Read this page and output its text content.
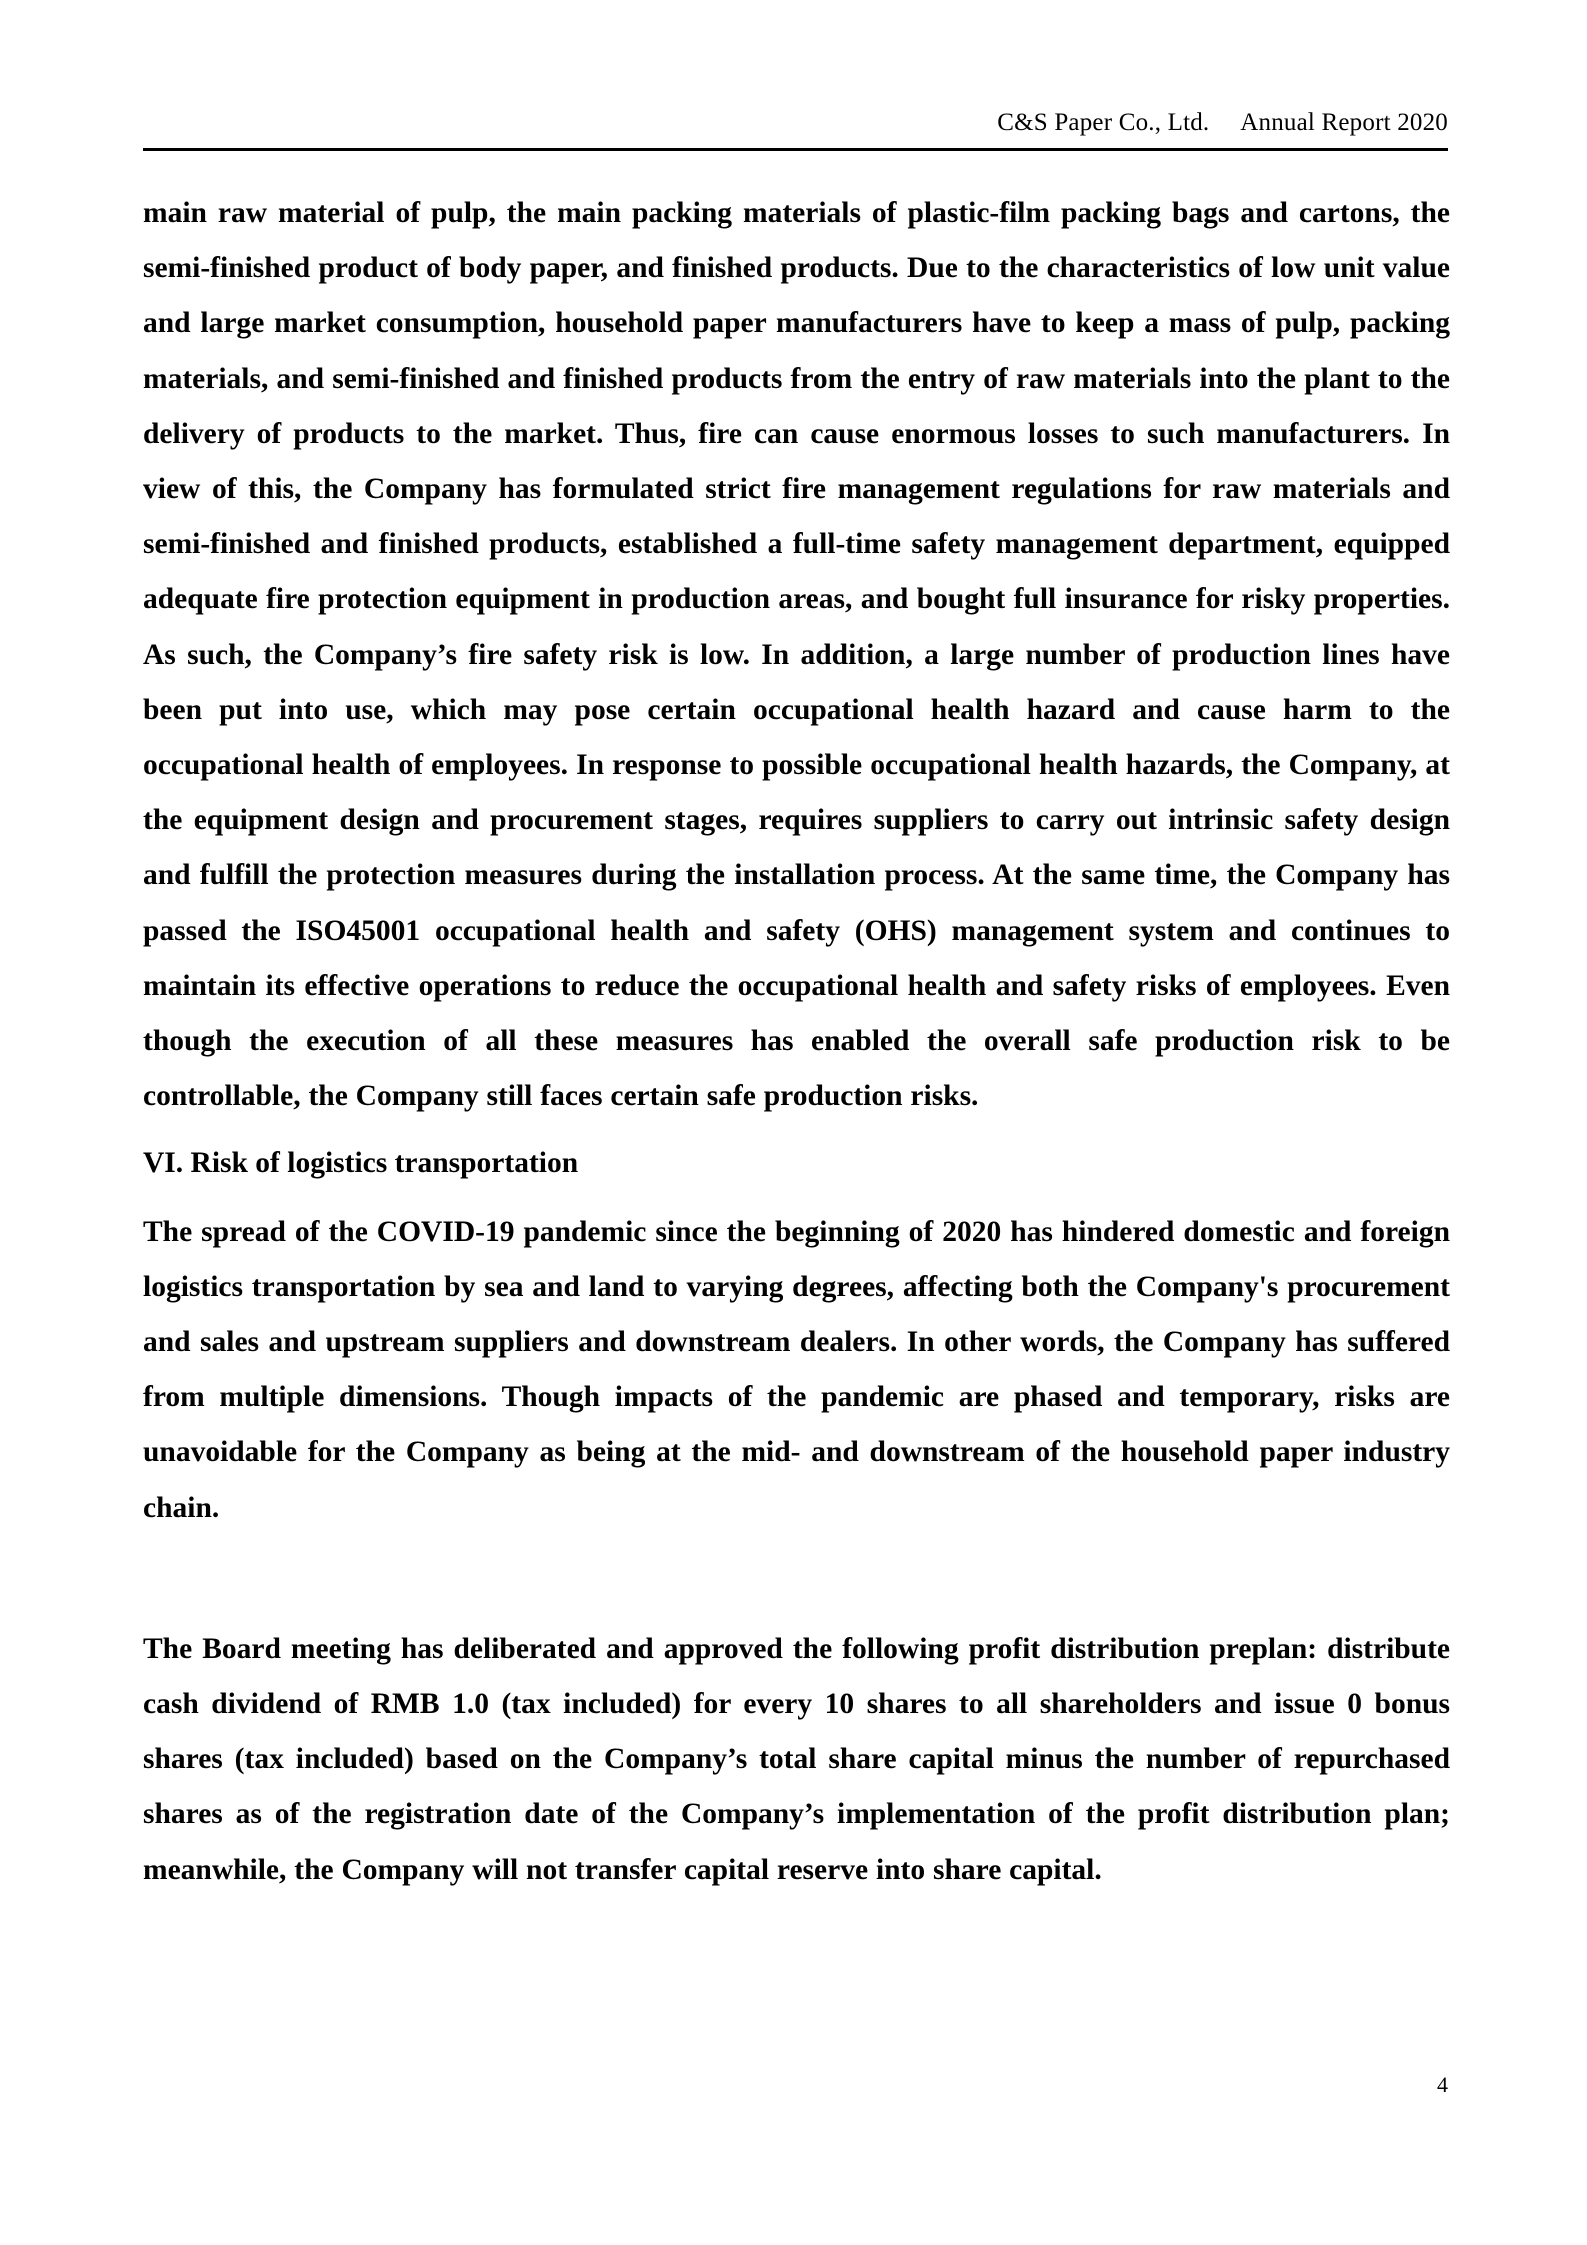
C&S Paper Co., Ltd.     Annual Report 2020

main raw material of pulp, the main packing materials of plastic-film packing bags and cartons, the semi-finished product of body paper, and finished products. Due to the characteristics of low unit value and large market consumption, household paper manufacturers have to keep a mass of pulp, packing materials, and semi-finished and finished products from the entry of raw materials into the plant to the delivery of products to the market. Thus, fire can cause enormous losses to such manufacturers. In view of this, the Company has formulated strict fire management regulations for raw materials and semi-finished and finished products, established a full-time safety management department, equipped adequate fire protection equipment in production areas, and bought full insurance for risky properties. As such, the Company’s fire safety risk is low. In addition, a large number of production lines have been put into use, which may pose certain occupational health hazard and cause harm to the occupational health of employees. In response to possible occupational health hazards, the Company, at the equipment design and procurement stages, requires suppliers to carry out intrinsic safety design and fulfill the protection measures during the installation process. At the same time, the Company has passed the ISO45001 occupational health and safety (OHS) management system and continues to maintain its effective operations to reduce the occupational health and safety risks of employees. Even though the execution of all these measures has enabled the overall safe production risk to be controllable, the Company still faces certain safe production risks.

VI. Risk of logistics transportation

The spread of the COVID-19 pandemic since the beginning of 2020 has hindered domestic and foreign logistics transportation by sea and land to varying degrees, affecting both the Company's procurement and sales and upstream suppliers and downstream dealers. In other words, the Company has suffered from multiple dimensions. Though impacts of the pandemic are phased and temporary, risks are unavoidable for the Company as being at the mid- and downstream of the household paper industry chain.

The Board meeting has deliberated and approved the following profit distribution preplan: distribute cash dividend of RMB 1.0 (tax included) for every 10 shares to all shareholders and issue 0 bonus shares (tax included) based on the Company’s total share capital minus the number of repurchased shares as of the registration date of the Company’s implementation of the profit distribution plan; meanwhile, the Company will not transfer capital reserve into share capital.

4
